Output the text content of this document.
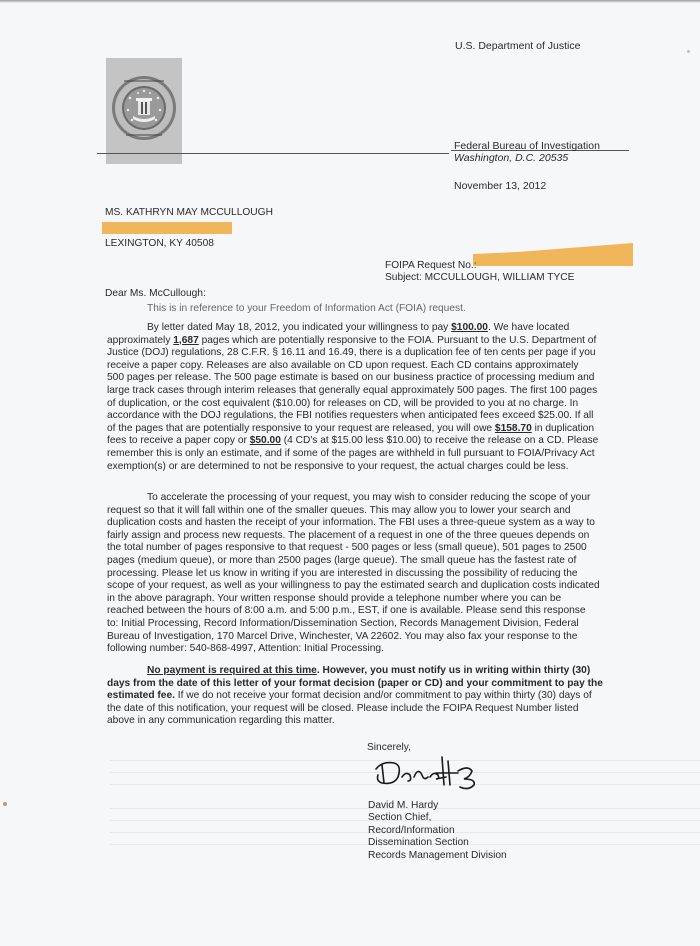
U.S. Department of Justice
Federal Bureau of Investigation
Washington, D.C. 20535
November 13, 2012
MS. KATHRYN MAY MCCULLOUGH
LEXINGTON, KY 40508
FOIPA Request No.:
Subject: MCCULLOUGH, WILLIAM TYCE
Dear Ms. McCullough:
This is in reference to your Freedom of Information Act (FOIA) request.
By letter dated May 18, 2012, you indicated your willingness to pay $100.00. We have located
approximately 1,687 pages which are potentially responsive to the FOIA. Pursuant to the U.S. Department of
Justice (DOJ) regulations, 28 C.F.R. § 16.11 and 16.49, there is a duplication fee of ten cents per page if you
receive a paper copy. Releases are also available on CD upon request. Each CD contains approximately
500 pages per release. The 500 page estimate is based on our business practice of processing medium and
large track cases through interim releases that generally equal approximately 500 pages. The first 100 pages
of duplication, or the cost equivalent ($10.00) for releases on CD, will be provided to you at no charge. In
accordance with the DOJ regulations, the FBI notifies requesters when anticipated fees exceed $25.00. If all
of the pages that are potentially responsive to your request are released, you will owe $158.70 in duplication
fees to receive a paper copy or $50.00 (4 CD's at $15.00 less $10.00) to receive the release on a CD. Please
remember this is only an estimate, and if some of the pages are withheld in full pursuant to FOIA/Privacy Act
exemption(s) or are determined to not be responsive to your request, the actual charges could be less.
To accelerate the processing of your request, you may wish to consider reducing the scope of your
request so that it will fall within one of the smaller queues. This may allow you to lower your search and
duplication costs and hasten the receipt of your information. The FBI uses a three-queue system as a way to
fairly assign and process new requests. The placement of a request in one of the three queues depends on
the total number of pages responsive to that request - 500 pages or less (small queue), 501 pages to 2500
pages (medium queue), or more than 2500 pages (large queue). The small queue has the fastest rate of
processing. Please let us know in writing if you are interested in discussing the possibility of reducing the
scope of your request, as well as your willingness to pay the estimated search and duplication costs indicated
in the above paragraph. Your written response should provide a telephone number where you can be
reached between the hours of 8:00 a.m. and 5:00 p.m., EST, if one is available. Please send this response
to: Initial Processing, Record Information/Dissemination Section, Records Management Division, Federal
Bureau of Investigation, 170 Marcel Drive, Winchester, VA 22602. You may also fax your response to the
following number: 540-868-4997, Attention: Initial Processing.
No payment is required at this time. However, you must notify us in writing within thirty (30)
days from the date of this letter of your format decision (paper or CD) and your commitment to pay the
estimated fee. If we do not receive your format decision and/or commitment to pay within thirty (30) days of
the date of this notification, your request will be closed. Please include the FOIPA Request Number listed
above in any communication regarding this matter.
Sincerely,
David M. Hardy
Section Chief,
Record/Information
Dissemination Section
Records Management Division
